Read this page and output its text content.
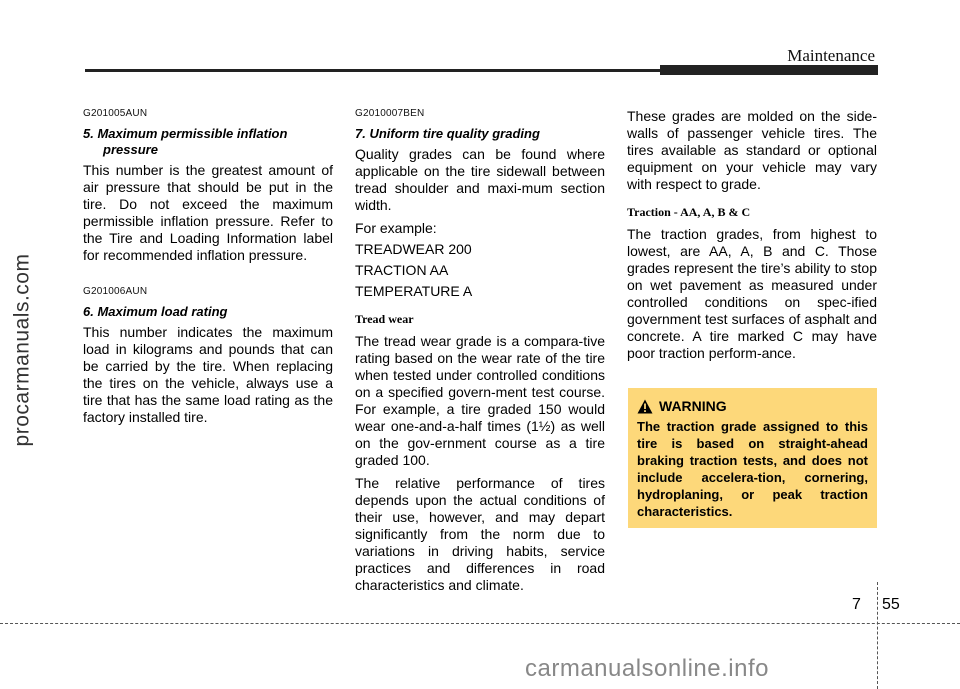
procarmanuals.com
Maintenance
G201005AUN
5. Maximum permissible inflation pressure

This number is the greatest amount of air pressure that should be put in the tire. Do not exceed the maximum permissible inflation pressure. Refer to the Tire and Loading Information label for recommended inflation pressure.

G201006AUN
6. Maximum load rating

This number indicates the maximum load in kilograms and pounds that can be carried by the tire. When replacing the tires on the vehicle, always use a tire that has the same load rating as the factory installed tire.

G2010007BEN
7. Uniform tire quality grading

Quality grades can be found where applicable on the tire sidewall between tread shoulder and maxi-mum section width.

For example:

TREADWEAR 200

TRACTION AA

TEMPERATURE A

Tread wear

The tread wear grade is a compara-tive rating based on the wear rate of the tire when tested under controlled conditions on a specified govern-ment test course. For example, a tire graded 150 would wear one-and-a-half times (1½) as well on the gov-ernment course as a tire graded 100.

The relative performance of tires depends upon the actual conditions of their use, however, and may depart significantly from the norm due to variations in driving habits, service practices and differences in road characteristics and climate.

These grades are molded on the side-walls of passenger vehicle tires. The tires available as standard or optional equipment on your vehicle may vary with respect to grade.

Traction - AA, A, B & C

The traction grades, from highest to lowest, are AA, A, B and C. Those grades represent the tire’s ability to stop on wet pavement as measured under controlled conditions on spec-ified government test surfaces of asphalt and concrete. A tire marked C may have poor traction perform-ance.

WARNING

The traction grade assigned to this tire is based on straight-ahead braking traction tests, and does not include accelera-tion, cornering, hydroplaning, or peak traction characteristics.

7 55
carmanualsonline.info
